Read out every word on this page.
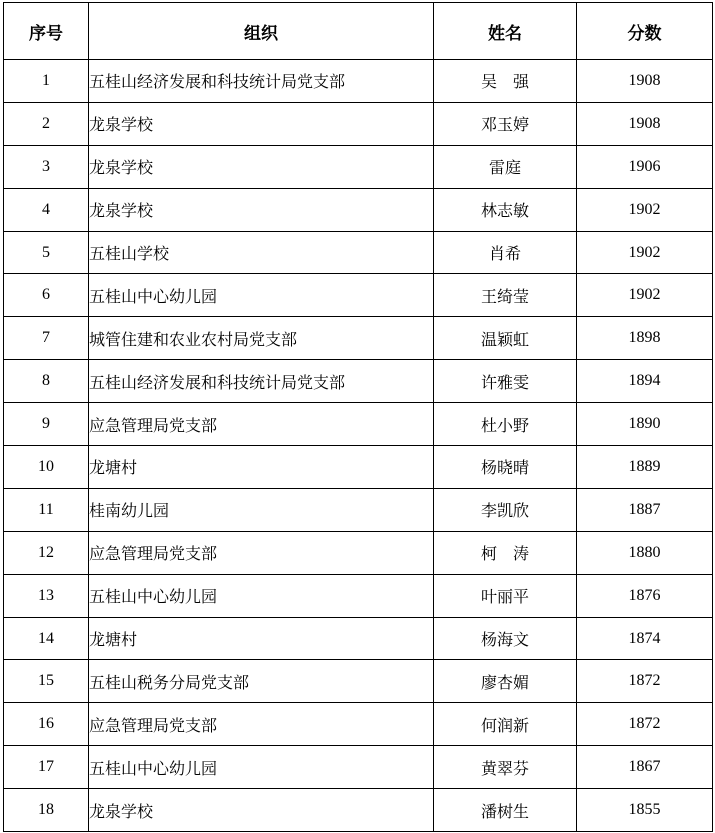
序号	组织	姓名	分数
1	五桂山经济发展和科技统计局党支部	吴　强	1908
2	龙泉学校	邓玉婷	1908
3	龙泉学校	雷庭	1906
4	龙泉学校	林志敏	1902
5	五桂山学校	肖希	1902
6	五桂山中心幼儿园	王绮莹	1902
7	城管住建和农业农村局党支部	温颖虹	1898
8	五桂山经济发展和科技统计局党支部	许雅雯	1894
9	应急管理局党支部	杜小野	1890
10	龙塘村	杨晓晴	1889
11	桂南幼儿园	李凯欣	1887
12	应急管理局党支部	柯　涛	1880
13	五桂山中心幼儿园	叶丽平	1876
14	龙塘村	杨海文	1874
15	五桂山税务分局党支部	廖杏媚	1872
16	应急管理局党支部	何润新	1872
17	五桂山中心幼儿园	黄翠芬	1867
18	龙泉学校	潘树生	1855
